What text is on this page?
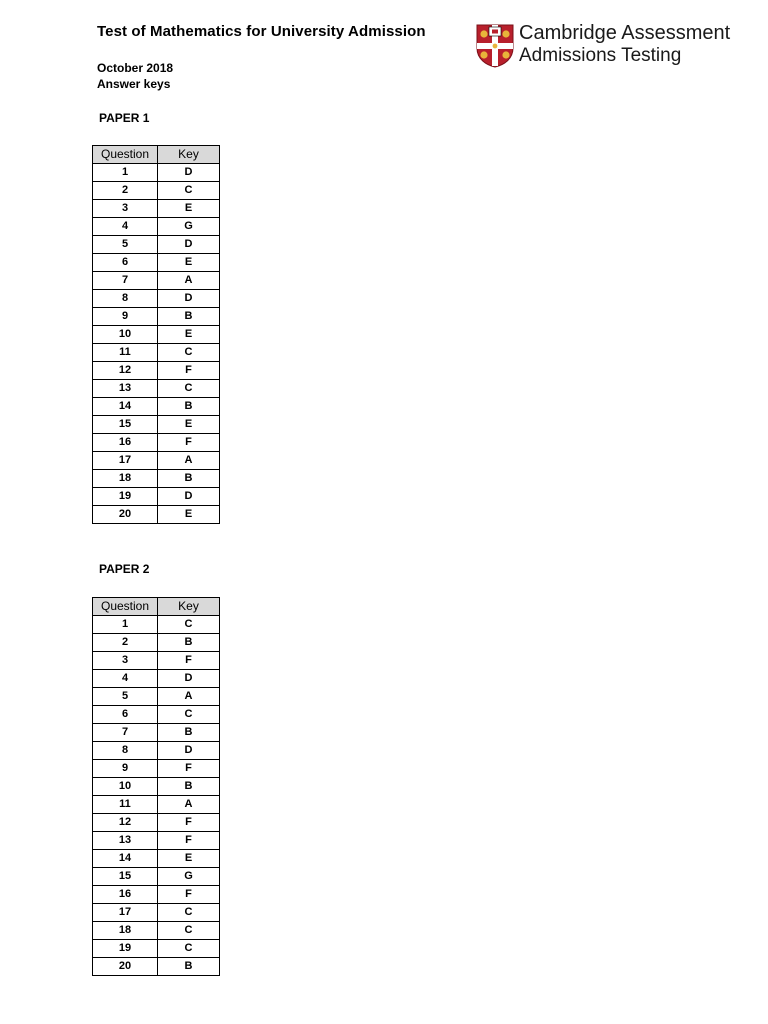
Test of Mathematics for University Admission
October 2018
Answer keys
Cambridge Assessment
Admissions Testing
PAPER 1
Question	Key
1	D
2	C
3	E
4	G
5	D
6	E
7	A
8	D
9	B
10	E
11	C
12	F
13	C
14	B
15	E
16	F
17	A
18	B
19	D
20	E
PAPER 2
Question	Key
1	C
2	B
3	F
4	D
5	A
6	C
7	B
8	D
9	F
10	B
11	A
12	F
13	F
14	E
15	G
16	F
17	C
18	C
19	C
20	B
